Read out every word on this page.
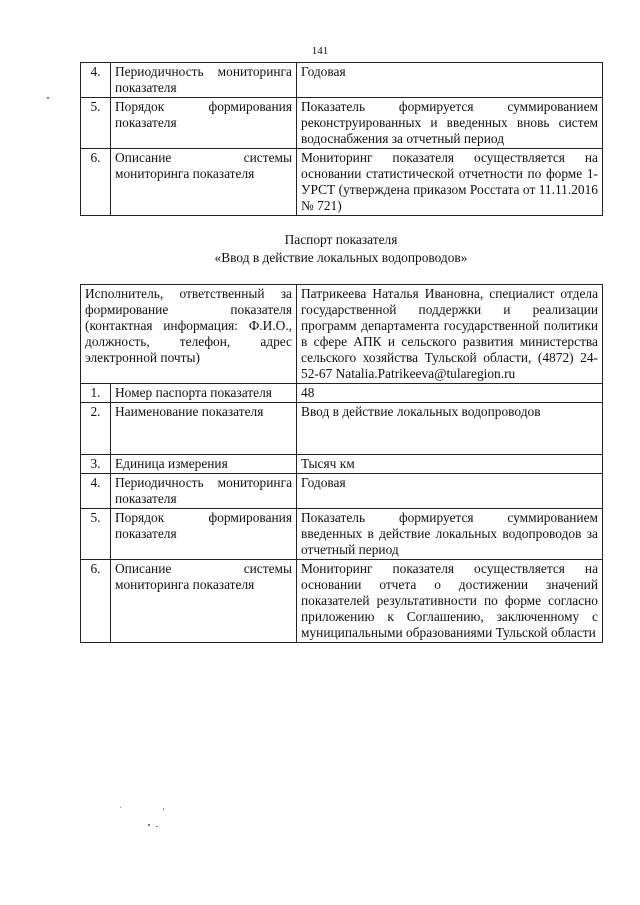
141
4.	Периодичность мониторинга показателя	Годовая
5.	Порядок формирования показателя	Показатель формируется суммированием реконструированных и введенных вновь систем водоснабжения за отчетный период
6.	Описание системы мониторинга показателя	Мониторинг показателя осуществляется на основании статистической отчетности по форме 1-УРСТ (утверждена приказом Росстата от 11.11.2016 № 721)
Паспорт показателя
«Ввод в действие локальных водопроводов»
Исполнитель, ответственный за формирование показателя (контактная информация: Ф.И.О., должность, телефон, адрес электронной почты)		Патрикеева Наталья Ивановна, специалист отдела государственной поддержки и реализации программ департамента государственной политики в сфере АПК и сельского развития министерства сельского хозяйства Тульской области, (4872) 24-52-67 Natalia.Patrikeeva@tularegion.ru
1.	Номер паспорта показателя	48
2.	Наименование показателя	Ввод в действие локальных водопроводов
3.	Единица измерения	Тысяч км
4.	Периодичность мониторинга показателя	Годовая
5.	Порядок формирования показателя	Показатель формируется суммированием введенных в действие локальных водопроводов за отчетный период
6.	Описание системы мониторинга показателя	Мониторинг показателя осуществляется на основании отчета о достижении значений показателей результативности по форме согласно приложению к Соглашению, заключенному с муниципальными образованиями Тульской области
